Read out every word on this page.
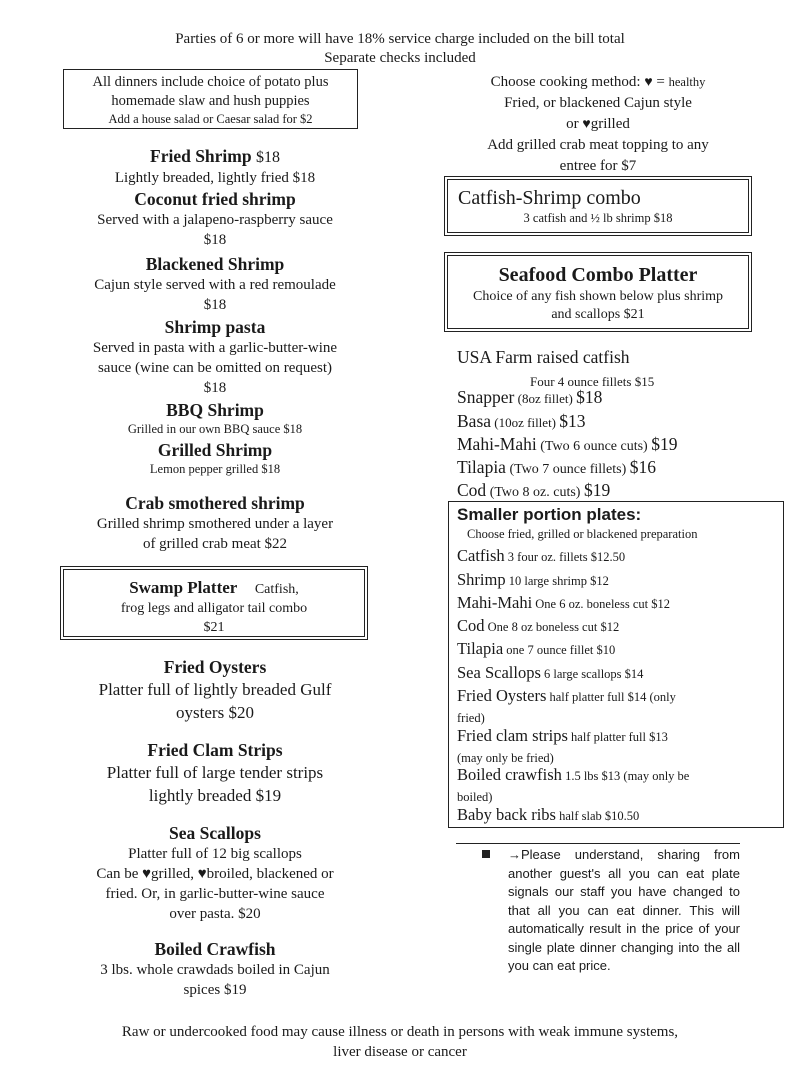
Parties of 6 or more will have 18% service charge included on the bill total
Separate checks included
All dinners include choice of potato plus
homemade slaw and hush puppies
Add a house salad or Caesar salad for $2
Fried Shrimp $18
Lightly breaded, lightly fried $18
Coconut fried shrimp
Served with a jalapeno-raspberry sauce
$18
Blackened Shrimp
Cajun style served with a red remoulade
$18
Shrimp pasta
Served in pasta with a garlic-butter-wine
sauce (wine can be omitted on request)
$18
BBQ Shrimp
Grilled in our own BBQ sauce $18
Grilled Shrimp
Lemon pepper grilled $18
Crab smothered shrimp
Grilled shrimp smothered under a layer
of grilled crab meat $22
Swamp Platter Catfish,
frog legs and alligator tail combo
$21
Fried Oysters
Platter full of lightly breaded Gulf
oysters $20
Fried Clam Strips
Platter full of large tender strips
lightly breaded $19
Sea Scallops
Platter full of 12 big scallops
Can be ♥grilled, ♥broiled, blackened or
fried. Or, in garlic-butter-wine sauce
over pasta. $20
Boiled Crawfish
3 lbs. whole crawdads boiled in Cajun
spices $19
Choose cooking method: ♥ = healthy
Fried, or blackened Cajun style
or ♥grilled
Add grilled crab meat topping to any
entree for $7
Catfish-Shrimp combo
3 catfish and ½ lb shrimp $18
Seafood Combo Platter
Choice of any fish shown below plus shrimp
and scallops $21
USA Farm raised catfish
Four 4 ounce fillets $15
Snapper (8oz fillet) $18
Basa (10oz fillet) $13
Mahi-Mahi (Two 6 ounce cuts) $19
Tilapia (Two 7 ounce fillets) $16
Cod (Two 8 oz. cuts) $19
Smaller portion plates:
Choose fried, grilled or blackened preparation
Catfish 3 four oz. fillets $12.50
Shrimp 10 large shrimp $12
Mahi-Mahi One 6 oz. boneless cut $12
Cod One 8 oz boneless cut $12
Tilapia one 7 ounce fillet $10
Sea Scallops 6 large scallops $14
Fried Oysters half platter full $14 (only
fried)
Fried clam strips half platter full $13
(may only be fried)
Boiled crawfish 1.5 lbs $13 (may only be
boiled)
Baby back ribs half slab $10.50
→Please understand, sharing from another guest's all you can eat plate signals our staff you have changed to that all you can eat dinner. This will automatically result in the price of your single plate dinner changing into the all you can eat price.
Raw or undercooked food may cause illness or death in persons with weak immune systems,
liver disease or cancer
